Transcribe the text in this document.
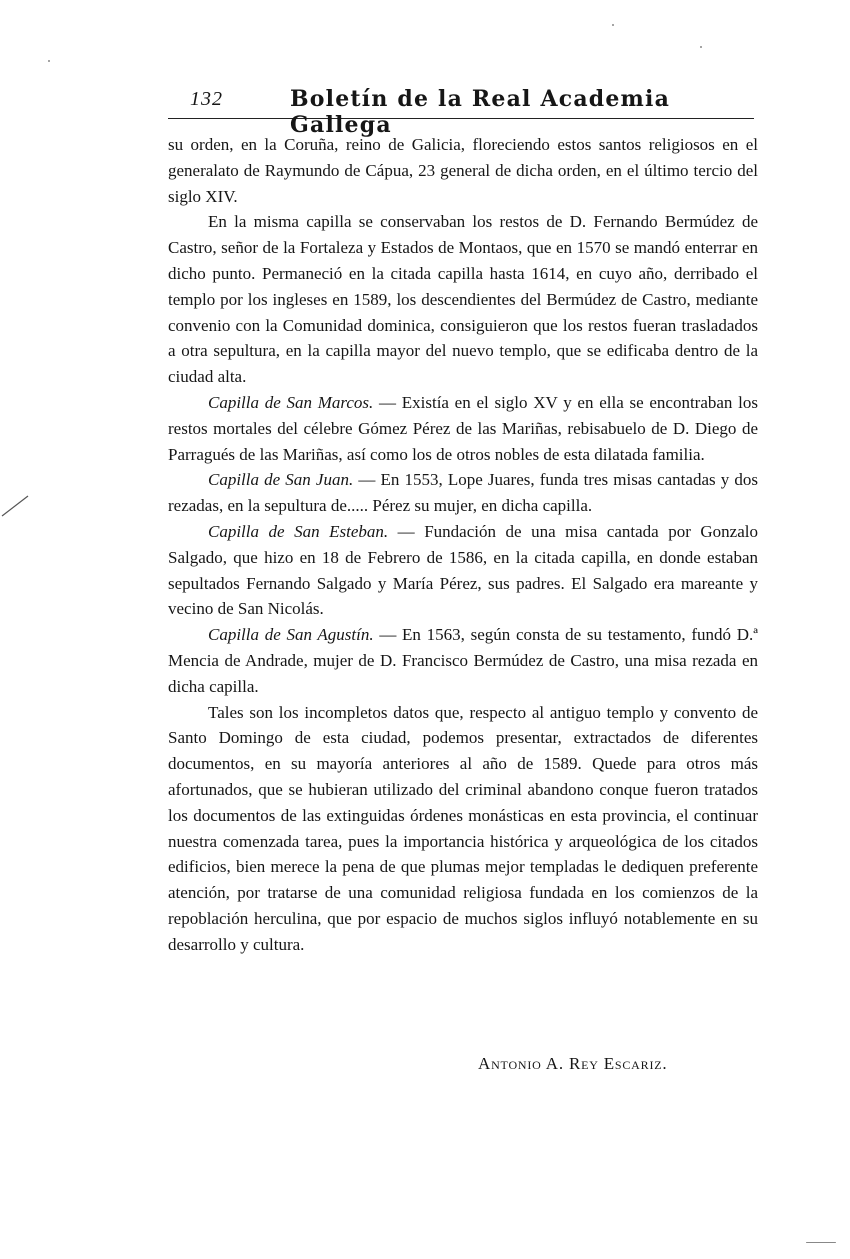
132	Boletín de la Real Academia Gallega

su orden, en la Coruña, reino de Galicia, floreciendo estos santos religiosos en el generalato de Raymundo de Cápua, 23 general de dicha orden, en el último tercio del siglo XIV.

En la misma capilla se conservaban los restos de D. Fernando Bermúdez de Castro, señor de la Fortaleza y Estados de Montaos, que en 1570 se mandó enterrar en dicho punto. Permaneció en la citada capilla hasta 1614, en cuyo año, derribado el templo por los ingleses en 1589, los descendientes del Bermúdez de Castro, mediante convenio con la Comunidad dominica, consiguieron que los restos fueran trasladados a otra sepultura, en la capilla mayor del nuevo templo, que se edificaba dentro de la ciudad alta.

Capilla de San Marcos. — Existía en el siglo XV y en ella se encontraban los restos mortales del célebre Gómez Pérez de las Mariñas, rebisabuelo de D. Diego de Parragués de las Mariñas, así como los de otros nobles de esta dilatada familia.

Capilla de San Juan. — En 1553, Lope Juares, funda tres misas cantadas y dos rezadas, en la sepultura de..... Pérez su mujer, en dicha capilla.

Capilla de San Esteban. — Fundación de una misa cantada por Gonzalo Salgado, que hizo en 18 de Febrero de 1586, en la citada capilla, en donde estaban sepultados Fernando Salgado y María Pérez, sus padres. El Salgado era mareante y vecino de San Nicolás.

Capilla de San Agustín. — En 1563, según consta de su testamento, fundó D.ª Mencia de Andrade, mujer de D. Francisco Bermúdez de Castro, una misa rezada en dicha capilla.

Tales son los incompletos datos que, respecto al antiguo templo y convento de Santo Domingo de esta ciudad, podemos presentar, extractados de diferentes documentos, en su mayoría anteriores al año de 1589. Quede para otros más afortunados, que se hubieran utilizado del criminal abandono conque fueron tratados los documentos de las extinguidas órdenes monásticas en esta provincia, el continuar nuestra comenzada tarea, pues la importancia histórica y arqueológica de los citados edificios, bien merece la pena de que plumas mejor templadas le dediquen preferente atención, por tratarse de una comunidad religiosa fundada en los comienzos de la repoblación herculina, que por espacio de muchos siglos influyó notablemente en su desarrollo y cultura.

Antonio A. Rey Escariz.
